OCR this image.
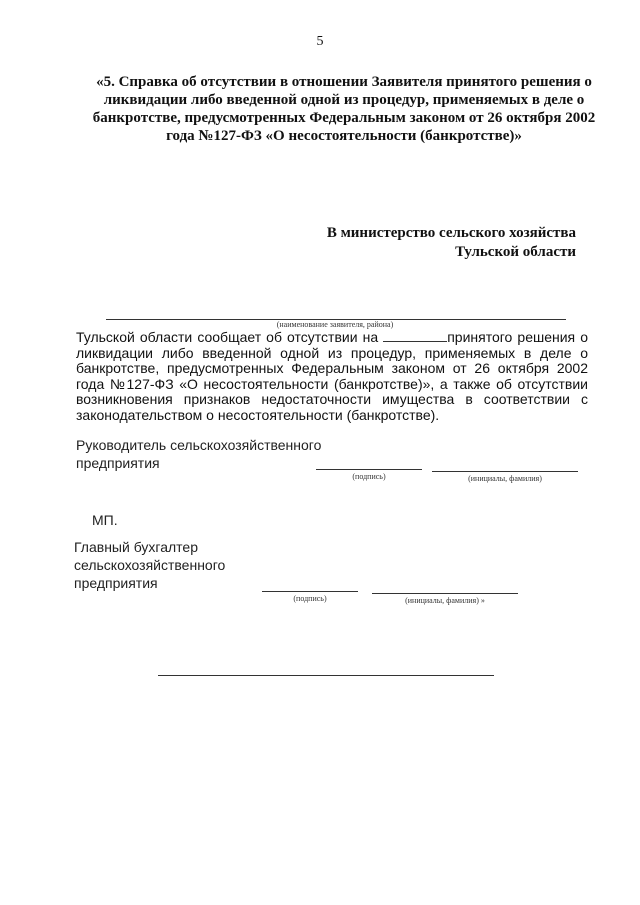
5
«5. Справка об отсутствии в отношении Заявителя принятого решения о ликвидации либо введенной одной из процедур, применяемых в деле о банкротстве, предусмотренных Федеральным законом от 26 октября 2002 года №127-ФЗ «О несостоятельности (банкротстве)»
В министерство сельского хозяйства
Тульской области
(наименование заявителя, района)
Тульской области сообщает об отсутствии на	принятого решения о ликвидации либо введенной одной из процедур, применяемых в деле о банкротстве, предусмотренных Федеральным законом от 26 октября 2002 года №127-ФЗ «О несостоятельности (банкротстве)», а также об отсутствии возникновения признаков недостаточности имущества в соответствии с законодательством о несостоятельности (банкротстве).
Руководитель сельскохозяйственного
предприятия
(подпись)	(инициалы, фамилия)
МП.
Главный бухгалтер
сельскохозяйственного
предприятия
(подпись)	(инициалы, фамилия) »
